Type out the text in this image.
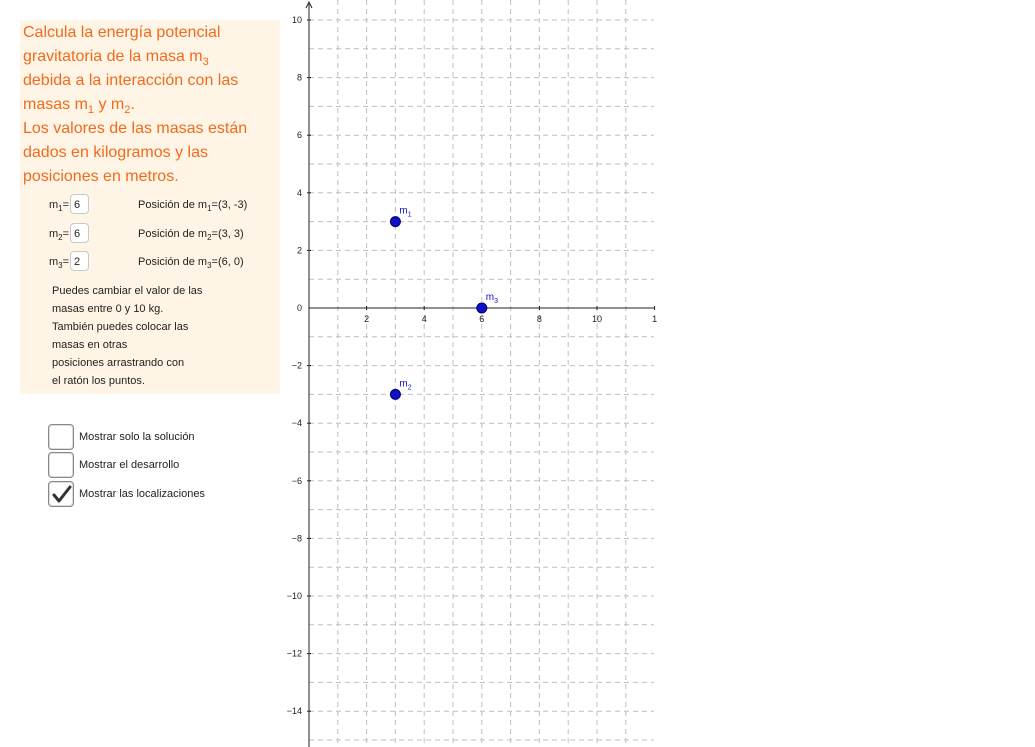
Calcula la energía potencial
gravitatoria de la masa $m_3$
debida a la interacción con las
masas $m_1$ y $m_2$.
Los valores de las masas están
dados en kilogramos y las
posiciones en metros.
$m_1= 6$	Posición de $m_1=(3$, -3)
$m_2= 6$	Posición de $m_2=(3$, 3)
$m_3= 2$	Posición de $m_3=(6$, 0)
Puedes cambiar el valor de las
masas entre 0 y 10 kg.
También puedes colocar las
masas en otras
posiciones arrastrando con
el ratón los puntos.
Mostrar solo la solución
Mostrar el desarrollo
Mostrar las localizaciones
2	4	6	8	10	1
10
8
6
4
2
0
−2
−4
−6
−8
−10
−12
−14
$m_1$
$m_2$
$m_3$
